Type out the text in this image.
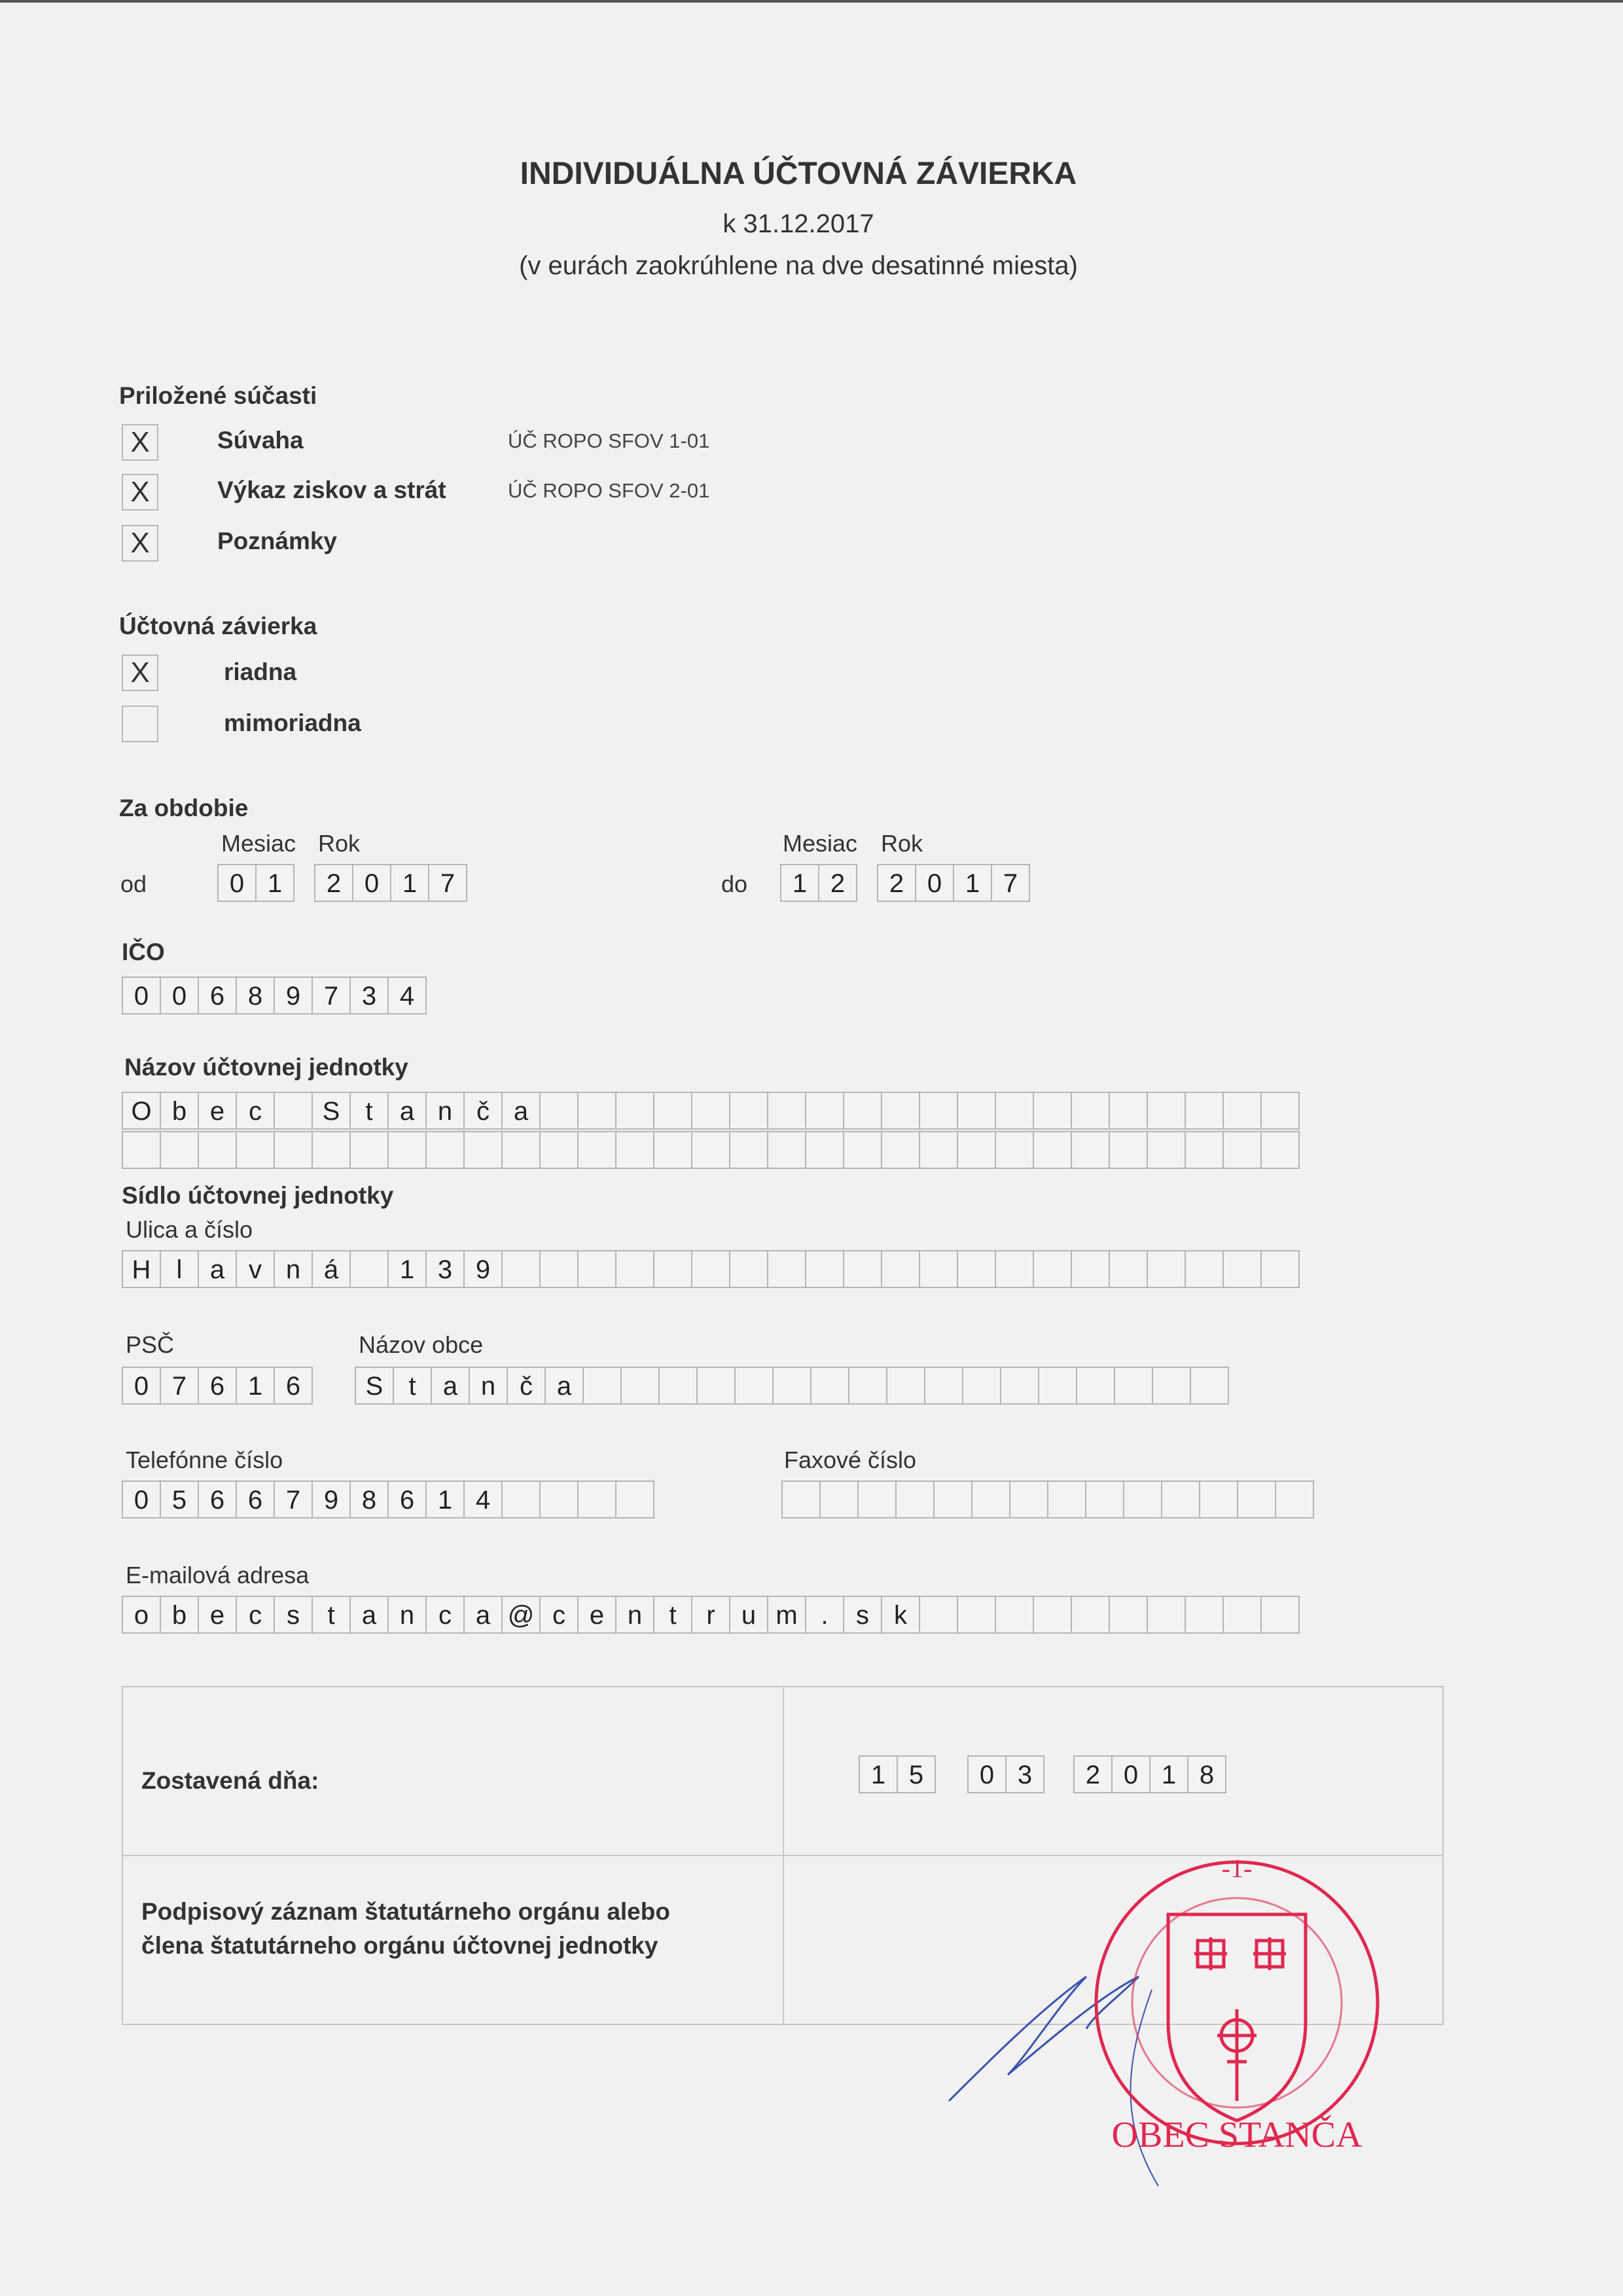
INDIVIDUÁLNA ÚČTOVNÁ ZÁVIERKA
k 31.12.2017
(v eurách zaokrúhlene na dve desatinné miesta)
Priložené súčasti
X	Súvaha	ÚČ ROPO SFOV 1-01
X	Výkaz ziskov a strát	ÚČ ROPO SFOV 2-01
X	Poznámky
Účtovná závierka
X	riadna
mimoriadna
Za obdobie
Mesiac Rok	Mesiac Rok
od	0 1	2 0 1 7	do	1 2	2 0 1 7
IČO
0 0 6 8 9 7 3 4
Názov účtovnej jednotky
O b e c	S t	a n č a
Sídlo účtovnej jednotky
Ulica a číslo
H l	a v n á	1 3 9
PSČ	Názov obce
0 7 6 1 6	S t	a n č a
Telefónne číslo	Faxové číslo
0 5 6 6 7 9 8 6 1 4
E-mailová adresa
o b e c s	t	a n c a @ c e n	t	r	u m .	s k
Zostavená dňa:	1 5	0 3	2 0 1 8
Podpisový záznam štatutárneho orgánu alebo
člena štatutárneho orgánu účtovnej jednotky
-1-
OBEC STANČA
